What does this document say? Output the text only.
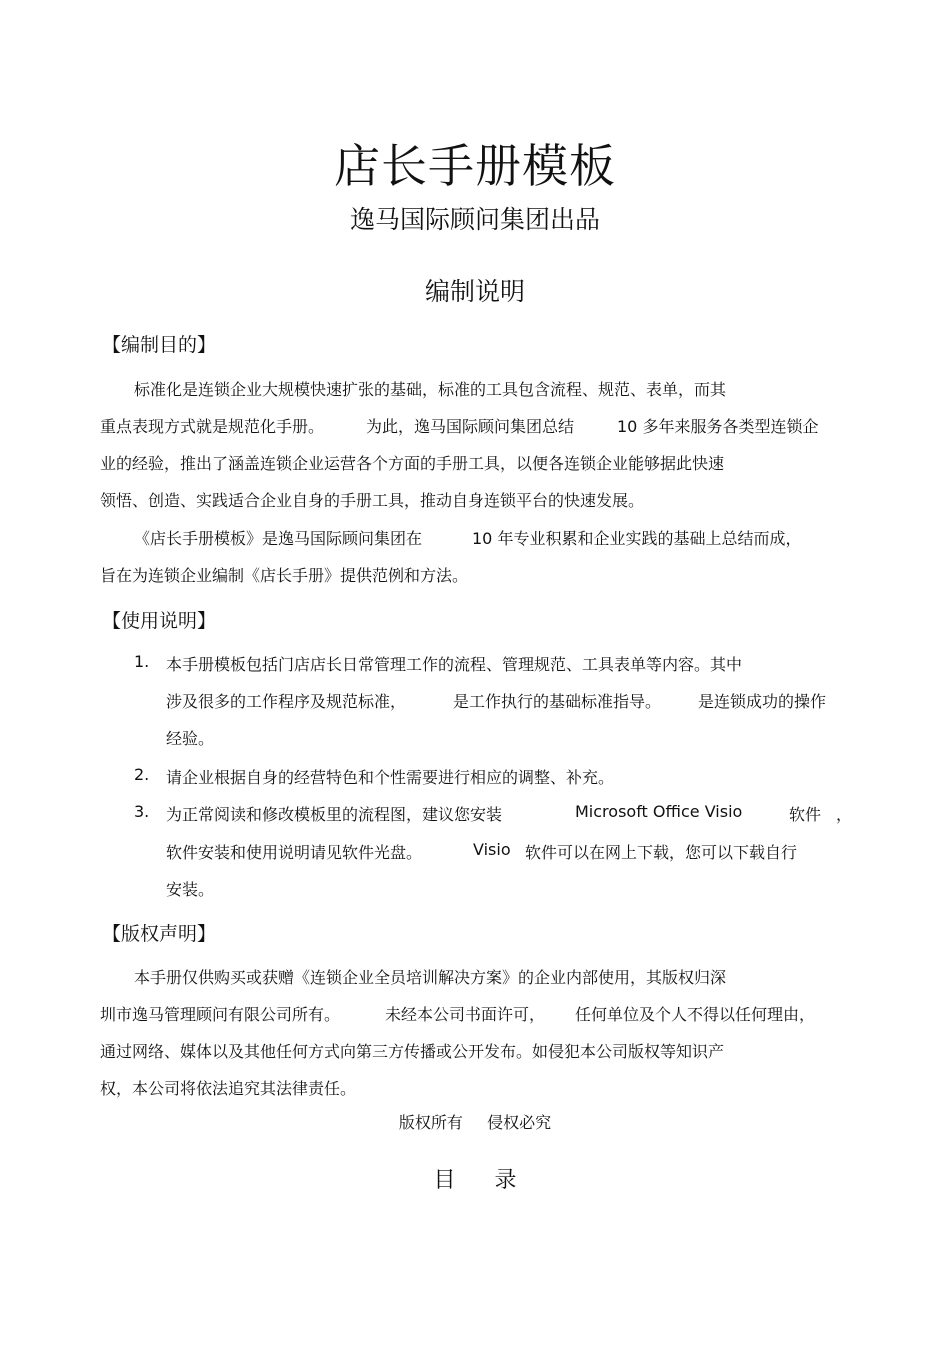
店长手册模板
逸马国际顾问集团出品
编制说明
【编制目的】
标准化是连锁企业大规模快速扩张的基础，标准的工具包含流程、规范、表单，而其
重点表现方式就是规范化手册。	为此，逸马国际顾问集团总结	10 多年来服务各类型连锁企
业的经验，推出了涵盖连锁企业运营各个方面的手册工具，以便各连锁企业能够据此快速
领悟、创造、实践适合企业自身的手册工具，推动自身连锁平台的快速发展。
《店长手册模板》是逸马国际顾问集团在	10 年专业积累和企业实践的基础上总结而成，
旨在为连锁企业编制《店长手册》提供范例和方法。
【使用说明】
1. 本手册模板包括门店店长日常管理工作的流程、管理规范、工具表单等内容。其中
涉及很多的工作程序及规范标准，	是工作执行的基础标准指导。 是连锁成功的操作
经验。
2. 请企业根据自身的经营特色和个性需要进行相应的调整、补充。
3. 为正常阅读和修改模板里的流程图，建议您安装	Microsoft Office Visio	软件 ，
软件安装和使用说明请见软件光盘。	Visio 软件可以在网上下载，您可以下载自行
安装。
【版权声明】
本手册仅供购买或获赠《连锁企业全员培训解决方案》的企业内部使用，其版权归深
圳市逸马管理顾问有限公司所有。	未经本公司书面许可， 任何单位及个人不得以任何理由，
通过网络、媒体以及其他任何方式向第三方传播或公开发布。如侵犯本公司版权等知识产
权，本公司将依法追究其法律责任。
版权所有 侵权必究
目 录
